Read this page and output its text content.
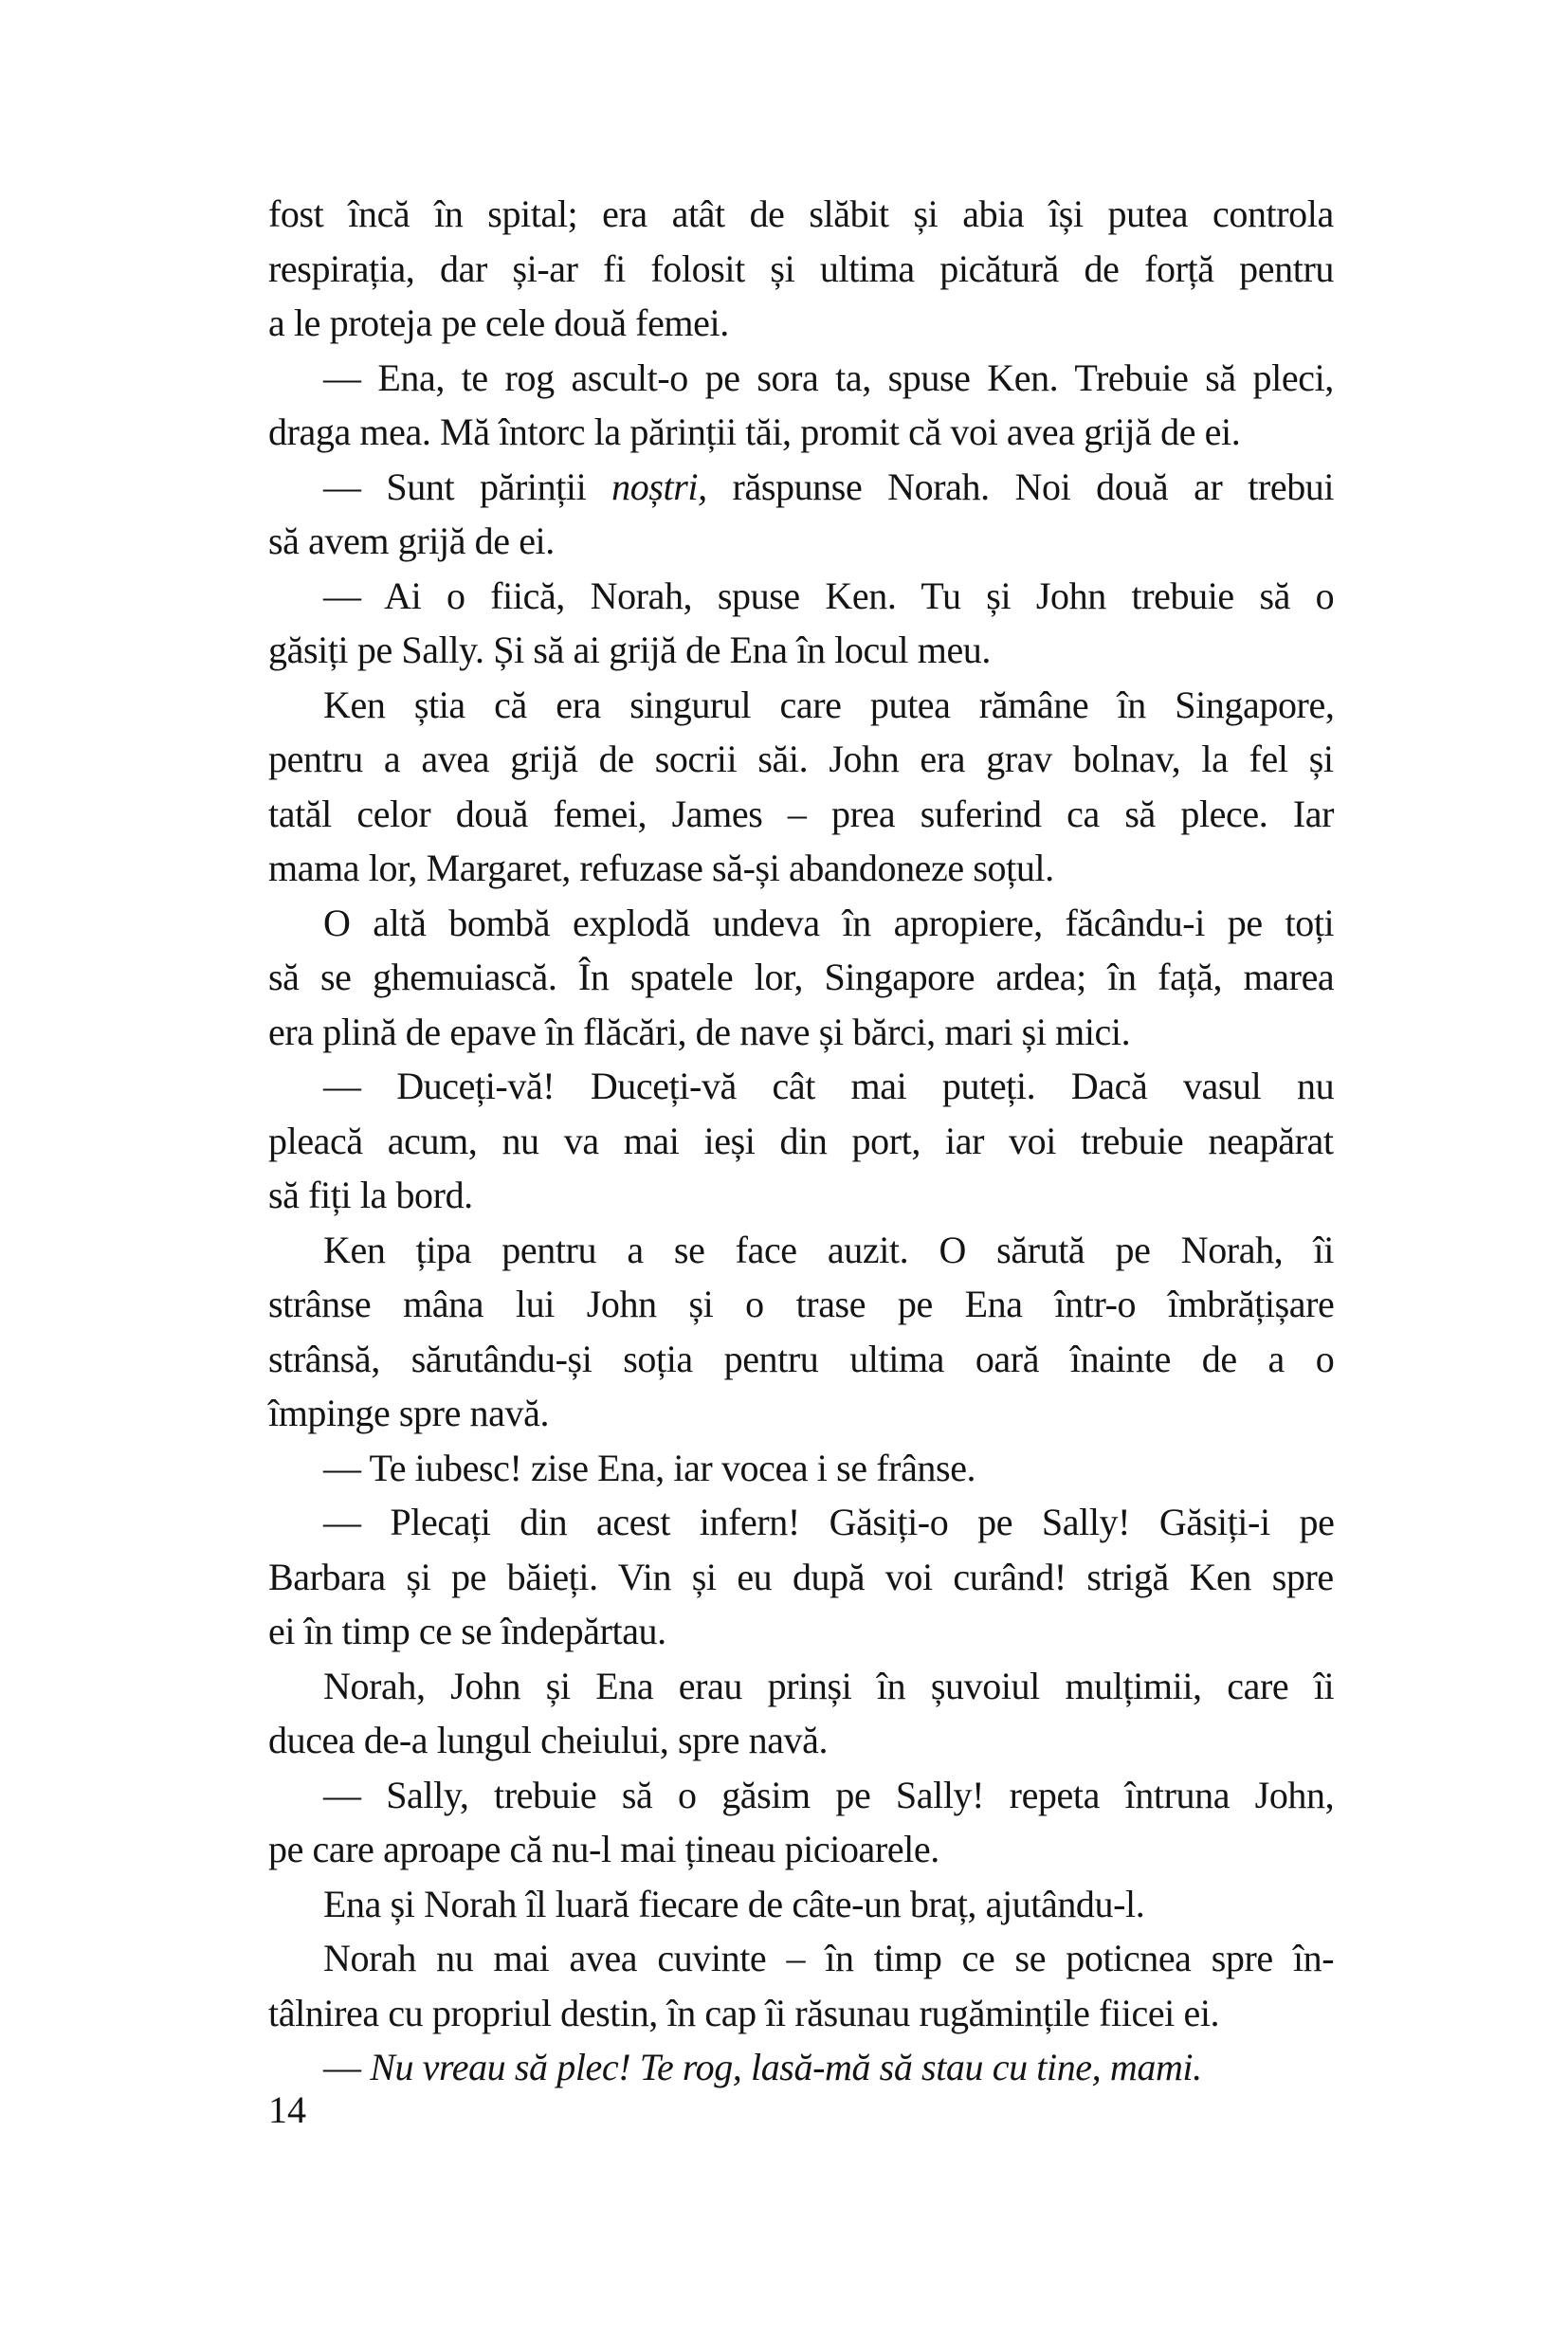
fost încă în spital; era atât de slăbit și abia își putea controla
respirația, dar și-ar fi folosit și ultima picătură de forță pentru
a le proteja pe cele două femei.
— Ena, te rog ascult-o pe sora ta, spuse Ken. Trebuie să pleci,
draga mea. Mă întorc la părinții tăi, promit că voi avea grijă de ei.
— Sunt părinții noștri, răspunse Norah. Noi două ar trebui
să avem grijă de ei.
— Ai o fiică, Norah, spuse Ken. Tu și John trebuie să o
găsiți pe Sally. Și să ai grijă de Ena în locul meu.
Ken știa că era singurul care putea rămâne în Singapore,
pentru a avea grijă de socrii săi. John era grav bolnav, la fel și
tatăl celor două femei, James – prea suferind ca să plece. Iar
mama lor, Margaret, refuzase să-și abandoneze soțul.
O altă bombă explodă undeva în apropiere, făcându-i pe toți
să se ghemuiască. În spatele lor, Singapore ardea; în față, marea
era plină de epave în flăcări, de nave și bărci, mari și mici.
— Duceți-vă! Duceți-vă cât mai puteți. Dacă vasul nu
pleacă acum, nu va mai ieși din port, iar voi trebuie neapărat
să fiți la bord.
Ken țipa pentru a se face auzit. O sărută pe Norah, îi
strânse mâna lui John și o trase pe Ena într-o îmbrățișare
strânsă, sărutându-și soția pentru ultima oară înainte de a o
împinge spre navă.
— Te iubesc! zise Ena, iar vocea i se frânse.
— Plecați din acest infern! Găsiți-o pe Sally! Găsiți-i pe
Barbara și pe băieți. Vin și eu după voi curând! strigă Ken spre
ei în timp ce se îndepărtau.
Norah, John și Ena erau prinși în șuvoiul mulțimii, care îi
ducea de-a lungul cheiului, spre navă.
— Sally, trebuie să o găsim pe Sally! repeta întruna John,
pe care aproape că nu-l mai țineau picioarele.
Ena și Norah îl luară fiecare de câte-un braț, ajutându-l.
Norah nu mai avea cuvinte – în timp ce se poticnea spre în-
tâlnirea cu propriul destin, în cap îi răsunau rugămințile fiicei ei.
— Nu vreau să plec! Te rog, lasă-mă să stau cu tine, mami.
14
